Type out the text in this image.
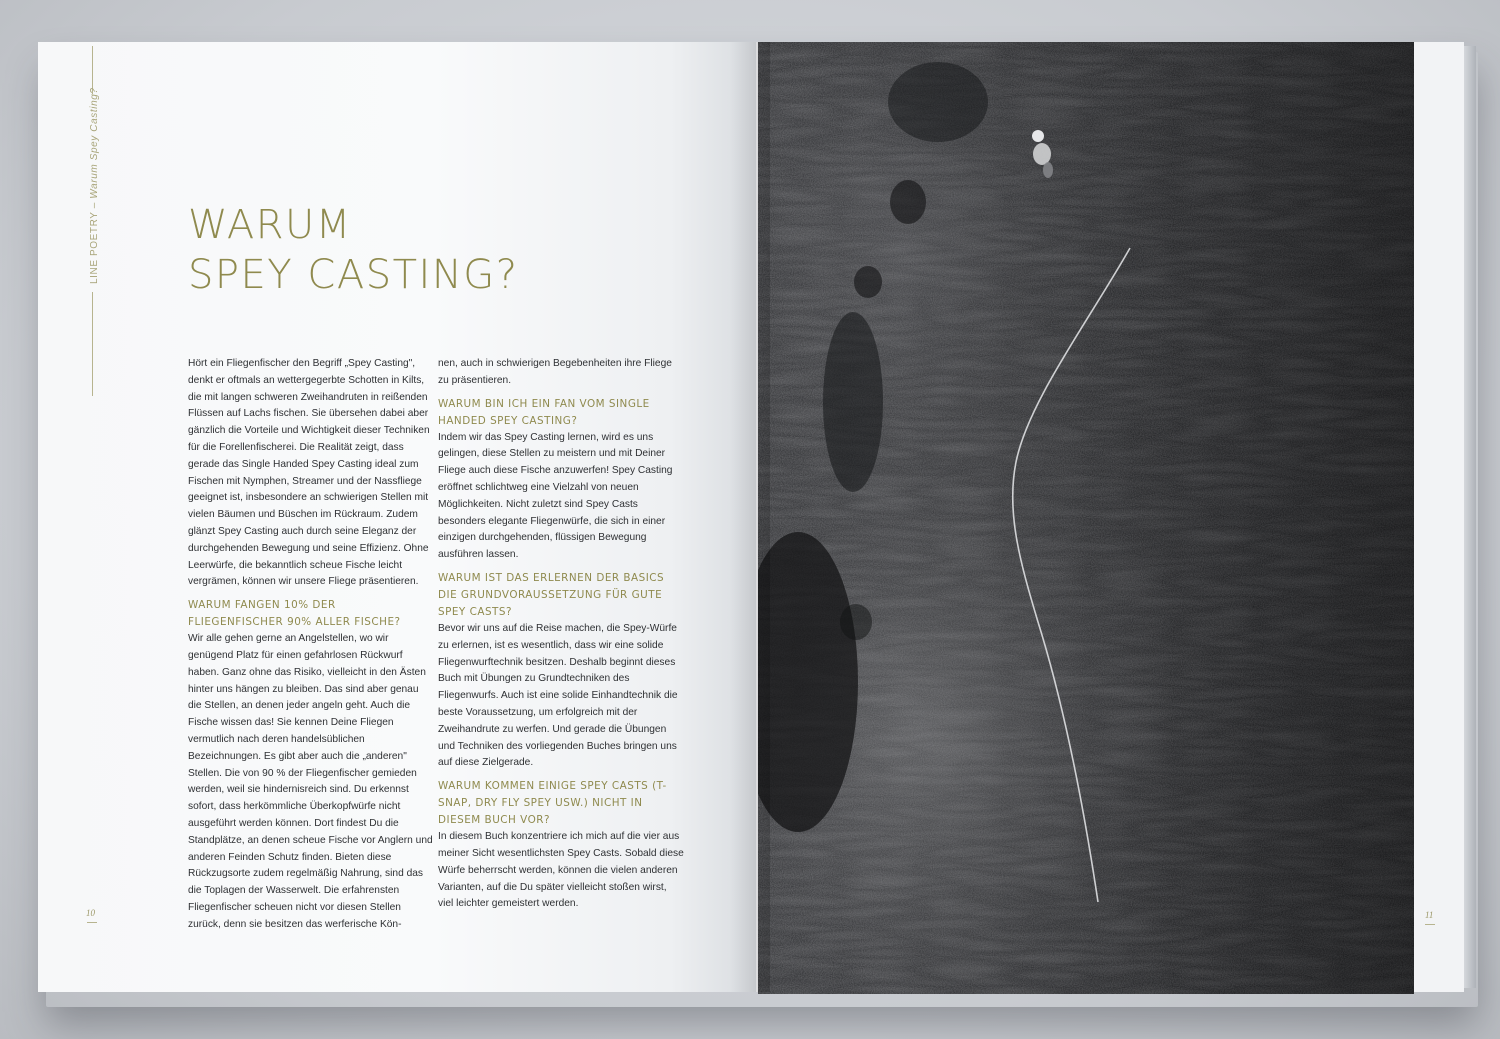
LINE POETRY – Warum Spey Casting?
WARUM
SPEY CASTING?

Hört ein Fliegenfischer den Begriff „Spey Casting", denkt er oftmals an wettergegerbte Schotten in Kilts, die mit langen schweren Zweihandruten in reißenden Flüssen auf Lachs fischen. Sie übersehen dabei aber gänzlich die Vorteile und Wichtigkeit dieser Techniken für die Forellenfischerei. Die Realität zeigt, dass gerade das Single Handed Spey Casting ideal zum Fischen mit Nymphen, Streamer und der Nassfliege geeignet ist, insbesondere an schwierigen Stellen mit vielen Bäumen und Büschen im Rückraum. Zudem glänzt Spey Casting auch durch seine Eleganz der durchgehenden Bewegung und seine Effizienz. Ohne Leerwürfe, die bekanntlich scheue Fische leicht vergrämen, können wir unsere Fliege präsentieren.

WARUM FANGEN 10% DER FLIEGENFISCHER 90% ALLER FISCHE?

Wir alle gehen gerne an Angelstellen, wo wir genügend Platz für einen gefahrlosen Rückwurf haben. Ganz ohne das Risiko, vielleicht in den Ästen hinter uns hängen zu bleiben. Das sind aber genau die Stellen, an denen jeder angeln geht. Auch die Fische wissen das! Sie kennen Deine Fliegen vermutlich nach deren handelsüblichen Bezeichnungen. Es gibt aber auch die „anderen" Stellen. Die von 90 % der Fliegenfischer gemieden werden, weil sie hindernisreich sind. Du erkennst sofort, dass herkömmliche Überkopfwürfe nicht ausgeführt werden können. Dort findest Du die Standplätze, an denen scheue Fische vor Anglern und anderen Feinden Schutz finden. Bieten diese Rückzugsorte zudem regelmäßig Nahrung, sind das die Toplagen der Wasserwelt. Die erfahrensten Fliegenfischer scheuen nicht vor diesen Stellen zurück, denn sie besitzen das werferische Kön-

nen, auch in schwierigen Begebenheiten ihre Fliege zu präsentieren.

WARUM BIN ICH EIN FAN VOM SINGLE HANDED SPEY CASTING?

Indem wir das Spey Casting lernen, wird es uns gelingen, diese Stellen zu meistern und mit Deiner Fliege auch diese Fische anzuwerfen! Spey Casting eröffnet schlichtweg eine Vielzahl von neuen Möglichkeiten. Nicht zuletzt sind Spey Casts besonders elegante Fliegenwürfe, die sich in einer einzigen durchgehenden, flüssigen Bewegung ausführen lassen.

WARUM IST DAS ERLERNEN DER BASICS DIE GRUNDVORAUSSETZUNG FÜR GUTE SPEY CASTS?

Bevor wir uns auf die Reise machen, die Spey-Würfe zu erlernen, ist es wesentlich, dass wir eine solide Fliegenwurftechnik besitzen. Deshalb beginnt dieses Buch mit Übungen zu Grundtechniken des Fliegenwurfs. Auch ist eine solide Einhandtechnik die beste Voraussetzung, um erfolgreich mit der Zweihandrute zu werfen. Und gerade die Übungen und Techniken des vorliegenden Buches bringen uns auf diese Zielgerade.

WARUM KOMMEN EINIGE SPEY CASTS (T-SNAP, DRY FLY SPEY USW.) NICHT IN DIESEM BUCH VOR?

In diesem Buch konzentriere ich mich auf die vier aus meiner Sicht wesentlichsten Spey Casts. Sobald diese Würfe beherrscht werden, können die vielen anderen Varianten, auf die Du später vielleicht stoßen wirst, viel leichter gemeistert werden.

10	11
